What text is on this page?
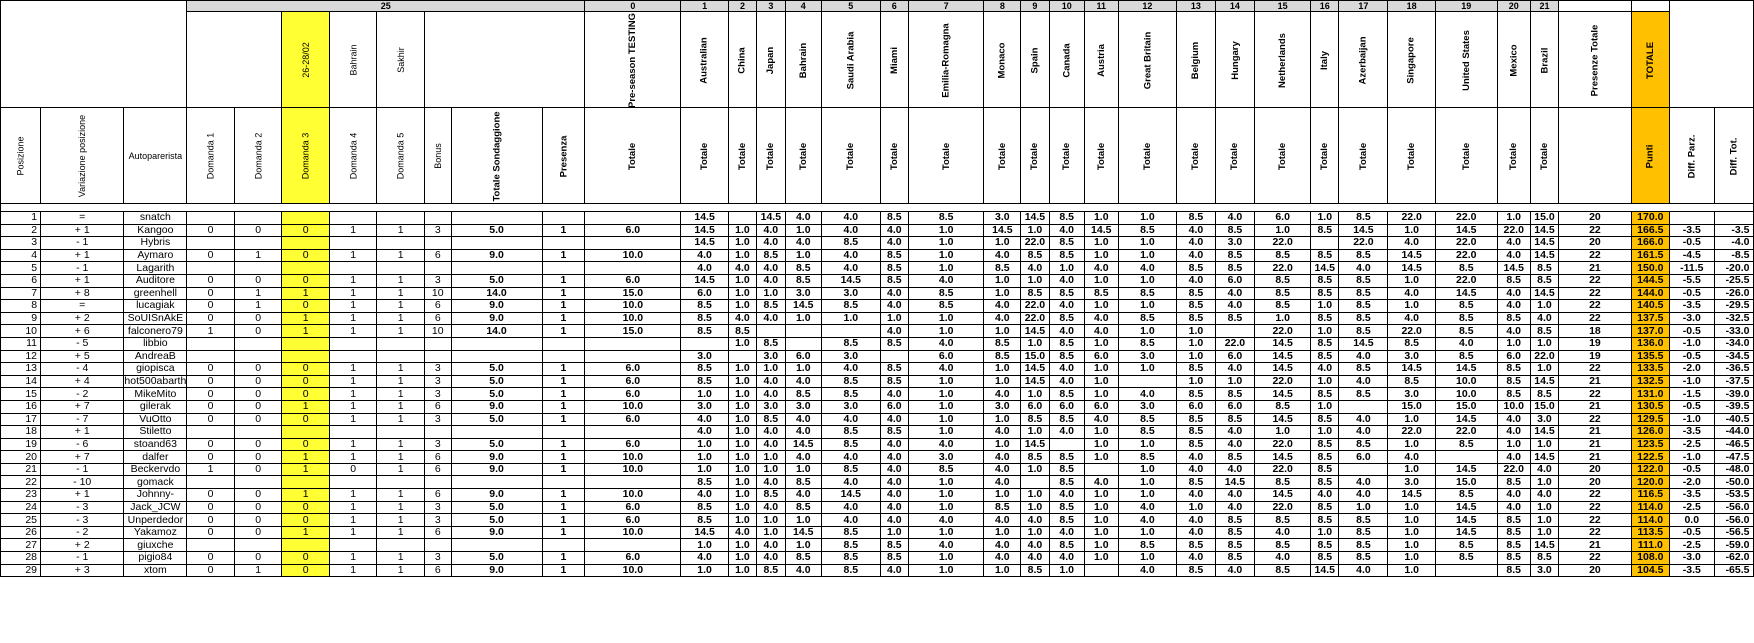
			25								0	1	2	3	4	5	6	7	8	9	10	11	12	13	14	15	16	17	18	19	20	21				
					26-28/02	Bahrain	Sakhir				Pre-season TESTING	Australian	China	Japan	Bahrain	Saudi Arabia	Miami	Emilia-Romagna	Monaco	Spain	Canada	Austria	Great Britain	Belgium	Hungary	Netherlands	Italy	Azerbaijan	Singapore	United States	Mexico	Brazil	Presenze Totale	TOTALE		
Posizione	Variazione posizione	Autoparerista	Domanda 1	Domanda 2	Domanda 3	Domanda 4	Domanda 5	Bonus	Totale Sondaggione	Presenza	Totale	Totale	Totale	Totale	Totale	Totale	Totale	Totale	Totale	Totale	Totale	Totale	Totale	Totale	Totale	Totale	Totale	Totale	Totale	Totale	Totale	Totale		Punti	Diff. Parz.	Diff. Tot.

1	=	snatch										14.5		14.5	4.0	4.0	8.5	8.5	3.0	14.5	8.5	1.0	1.0	8.5	4.0	6.0	1.0	8.5	22.0	22.0	1.0	15.0	20	170.0		
2	+ 1	Kangoo	0	0	0	1	1	3	5.0	1	6.0	14.5	1.0	4.0	1.0	4.0	4.0	1.0	14.5	1.0	4.0	14.5	8.5	4.0	8.5	1.0	8.5	14.5	1.0	14.5	22.0	14.5	22	166.5	-3.5	-3.5
3	- 1	Hybris										14.5	1.0	4.0	4.0	8.5	4.0	1.0	1.0	22.0	8.5	1.0	1.0	4.0	3.0	22.0		22.0	4.0	22.0	4.0	14.5	20	166.0	-0.5	-4.0
4	+ 1	Aymaro	0	1	0	1	1	6	9.0	1	10.0	4.0	1.0	8.5	1.0	4.0	8.5	1.0	4.0	8.5	8.5	1.0	1.0	4.0	8.5	8.5	8.5	8.5	14.5	22.0	4.0	14.5	22	161.5	-4.5	-8.5
5	- 1	Lagarith										4.0	4.0	4.0	8.5	4.0	8.5	1.0	8.5	4.0	1.0	4.0	4.0	8.5	8.5	22.0	14.5	4.0	14.5	8.5	14.5	8.5	21	150.0	-11.5	-20.0
6	+ 1	Auditore	0	0	0	1	1	3	5.0	1	6.0	14.5	1.0	4.0	8.5	14.5	8.5	4.0	1.0	1.0	4.0	1.0	1.0	4.0	6.0	8.5	8.5	8.5	1.0	22.0	8.5	8.5	22	144.5	-5.5	-25.5
7	+ 8	greenhell	0	1	1	1	1	10	14.0	1	15.0	6.0	1.0	1.0	3.0	3.0	4.0	8.5	1.0	8.5	8.5	8.5	8.5	8.5	4.0	8.5	8.5	8.5	4.0	14.5	4.0	14.5	22	144.0	-0.5	-26.0
8	=	lucagiak	0	1	0	1	1	6	9.0	1	10.0	8.5	1.0	8.5	14.5	8.5	4.0	8.5	4.0	22.0	4.0	1.0	1.0	8.5	4.0	8.5	1.0	8.5	1.0	8.5	4.0	1.0	22	140.5	-3.5	-29.5
9	+ 2	SoUISnAkE	0	0	1	1	1	6	9.0	1	10.0	8.5	4.0	4.0	1.0	1.0	1.0	1.0	4.0	22.0	8.5	4.0	8.5	8.5	8.5	1.0	8.5	8.5	4.0	8.5	8.5	4.0	22	137.5	-3.0	-32.5
10	+ 6	falconero79	1	0	1	1	1	10	14.0	1	15.0	8.5	8.5				4.0	1.0	1.0	14.5	4.0	4.0	1.0	1.0		22.0	1.0	8.5	22.0	8.5	4.0	8.5	18	137.0	-0.5	-33.0
11	- 5	libbio											1.0	8.5		8.5	8.5	4.0	8.5	1.0	8.5	1.0	8.5	1.0	22.0	14.5	8.5	14.5	8.5	4.0	1.0	1.0	19	136.0	-1.0	-34.0
12	+ 5	AndreaB										3.0		3.0	6.0	3.0		6.0	8.5	15.0	8.5	6.0	3.0	1.0	6.0	14.5	8.5	4.0	3.0	8.5	6.0	22.0	19	135.5	-0.5	-34.5
13	- 4	giopisca	0	0	0	1	1	3	5.0	1	6.0	8.5	1.0	1.0	1.0	4.0	8.5	4.0	1.0	14.5	4.0	1.0	1.0	8.5	4.0	14.5	4.0	8.5	14.5	14.5	8.5	1.0	22	133.5	-2.0	-36.5
14	+ 4	hot500abarth	0	0	0	1	1	3	5.0	1	6.0	8.5	1.0	4.0	4.0	8.5	8.5	1.0	1.0	14.5	4.0	1.0		1.0	1.0	22.0	1.0	4.0	8.5	10.0	8.5	14.5	21	132.5	-1.0	-37.5
15	- 2	MikeMito	0	0	0	1	1	3	5.0	1	6.0	1.0	1.0	4.0	8.5	8.5	4.0	1.0	4.0	1.0	8.5	1.0	4.0	8.5	8.5	14.5	8.5	8.5	3.0	10.0	8.5	8.5	22	131.0	-1.5	-39.0
16	+ 7	gilerak	0	0	1	1	1	6	9.0	1	10.0	3.0	1.0	3.0	3.0	3.0	6.0	1.0	3.0	6.0	6.0	6.0	3.0	6.0	6.0	8.5	1.0		15.0	15.0	10.0	15.0	21	130.5	-0.5	-39.5
17	- 7	VuOtto	0	0	0	1	1	3	5.0	1	6.0	4.0	1.0	8.5	4.0	4.0	4.0	1.0	1.0	8.5	8.5	4.0	8.5	8.5	8.5	14.5	8.5	4.0	1.0	14.5	4.0	3.0	22	129.5	-1.0	-40.5
18	+ 1	Stiletto										4.0	1.0	4.0	4.0	8.5	8.5	1.0	4.0	1.0	4.0	1.0	8.5	8.5	4.0	1.0	1.0	4.0	22.0	22.0	4.0	14.5	21	126.0	-3.5	-44.0
19	- 6	stoand63	0	0	0	1	1	3	5.0	1	6.0	1.0	1.0	4.0	14.5	8.5	4.0	4.0	1.0	14.5		1.0	1.0	8.5	4.0	22.0	8.5	8.5	1.0	8.5	1.0	1.0	21	123.5	-2.5	-46.5
20	+ 7	dalfer	0	0	1	1	1	6	9.0	1	10.0	1.0	1.0	1.0	4.0	4.0	4.0	3.0	4.0	8.5	8.5	1.0	8.5	4.0	8.5	14.5	8.5	6.0	4.0		4.0	14.5	21	122.5	-1.0	-47.5
21	- 1	Beckervdo	1	0	1	0	1	6	9.0	1	10.0	1.0	1.0	1.0	1.0	8.5	4.0	8.5	4.0	1.0	8.5		1.0	4.0	4.0	22.0	8.5		1.0	14.5	22.0	4.0	20	122.0	-0.5	-48.0
22	- 10	gomack										8.5	1.0	4.0	8.5	4.0	4.0	1.0	4.0		8.5	4.0	1.0	8.5	14.5	8.5	8.5	4.0	3.0	15.0	8.5	1.0	20	120.0	-2.0	-50.0
23	+ 1	Johnny-	0	0	1	1	1	6	9.0	1	10.0	4.0	1.0	8.5	4.0	14.5	4.0	1.0	1.0	1.0	4.0	1.0	1.0	4.0	4.0	14.5	4.0	4.0	14.5	8.5	4.0	4.0	22	116.5	-3.5	-53.5
24	- 3	Jack_JCW	0	0	0	1	1	3	5.0	1	6.0	8.5	1.0	4.0	8.5	4.0	4.0	1.0	8.5	1.0	8.5	1.0	4.0	1.0	4.0	22.0	8.5	1.0	1.0	14.5	4.0	1.0	22	114.0	-2.5	-56.0
25	- 3	Unperdedor	0	0	0	1	1	3	5.0	1	6.0	8.5	1.0	1.0	1.0	4.0	4.0	4.0	4.0	4.0	8.5	1.0	4.0	4.0	8.5	8.5	8.5	8.5	1.0	14.5	8.5	1.0	22	114.0	0.0	-56.0
26	- 2	Yakamoz	0	0	1	1	1	6	9.0	1	10.0	14.5	4.0	1.0	14.5	8.5	1.0	1.0	1.0	1.0	4.0	1.0	1.0	4.0	8.5	4.0	1.0	8.5	1.0	14.5	8.5	1.0	22	113.5	-0.5	-56.5
27	+ 2	giuxche										1.0	1.0	4.0	1.0	8.5	8.5	4.0	4.0	4.0	8.5	1.0	8.5	8.5	8.5	8.5	8.5	8.5	1.0	8.5	8.5	14.5	21	111.0	-2.5	-59.0
28	- 1	pigio84	0	0	0	1	1	3	5.0	1	6.0	4.0	1.0	4.0	8.5	8.5	8.5	1.0	4.0	4.0	4.0	1.0	1.0	4.0	8.5	4.0	8.5	8.5	1.0	8.5	8.5	8.5	22	108.0	-3.0	-62.0
29	+ 3	xtom	0	1	0	1	1	6	9.0	1	10.0	1.0	1.0	8.5	4.0	8.5	4.0	1.0	1.0	8.5	1.0		4.0	8.5	4.0	8.5	14.5	4.0	1.0		8.5	3.0	20	104.5	-3.5	-65.5
